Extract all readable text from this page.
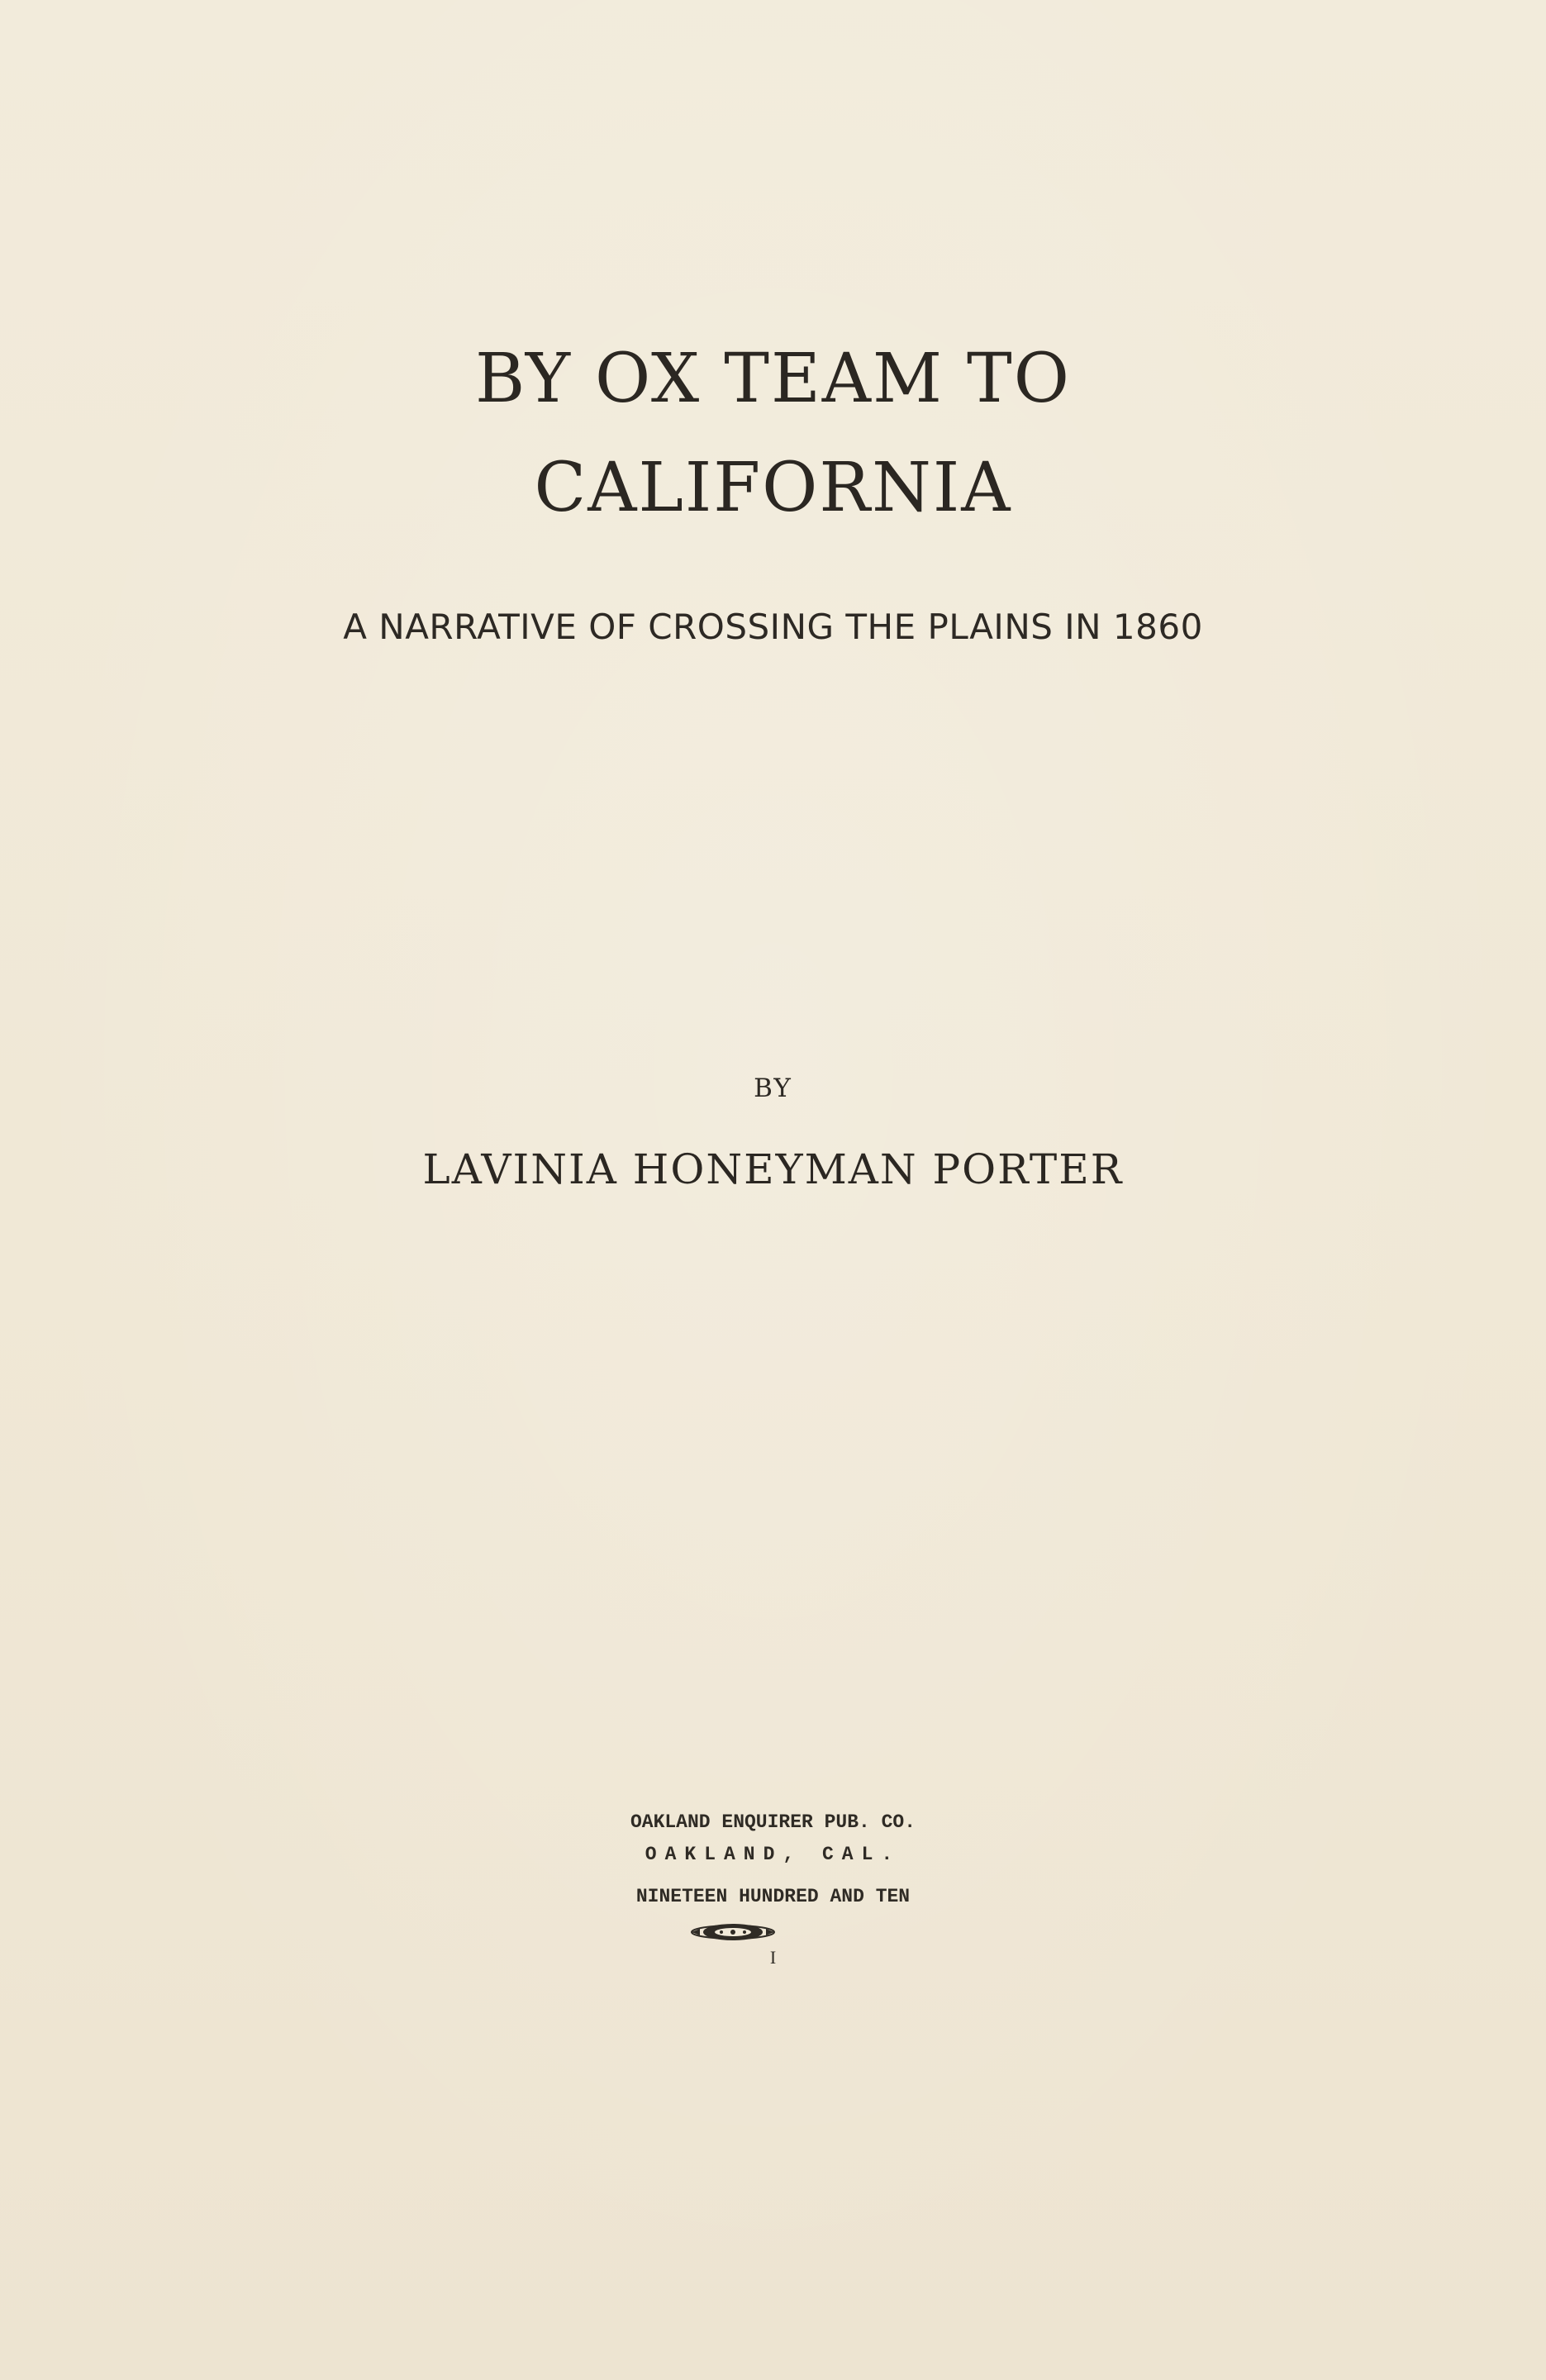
BY OX TEAM TO
CALIFORNIA
A NARRATIVE OF CROSSING THE PLAINS IN 1860
BY
LAVINIA HONEYMAN PORTER
OAKLAND ENQUIRER PUB. CO.
OAKLAND, CAL.
NINETEEN HUNDRED AND TEN
I
